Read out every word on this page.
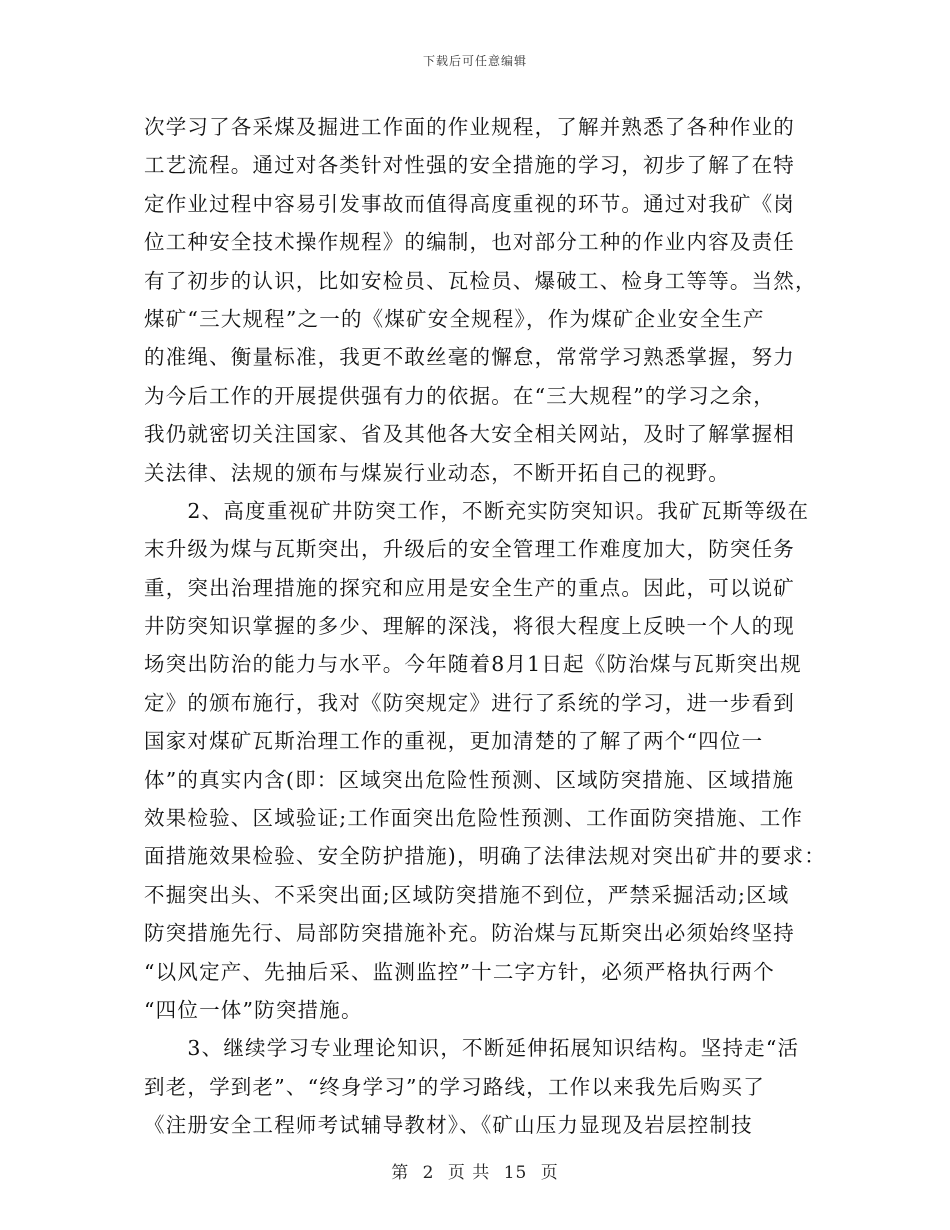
下载后可任意编辑
次学习了各采煤及掘进工作面的作业规程，了解并熟悉了各种作业的
工艺流程。通过对各类针对性强的安全措施的学习，初步了解了在特
定作业过程中容易引发事故而值得高度重视的环节。通过对我矿《岗
位工种安全技术操作规程》的编制，也对部分工种的作业内容及责任
有了初步的认识，比如安检员、瓦检员、爆破工、检身工等等。当然，
煤矿“三大规程”之一的《煤矿安全规程》，作为煤矿企业安全生产
的准绳、衡量标准，我更不敢丝毫的懈怠，常常学习熟悉掌握，努力
为今后工作的开展提供强有力的依据。在“三大规程”的学习之余，
我仍就密切关注国家、省及其他各大安全相关网站，及时了解掌握相
关法律、法规的颁布与煤炭行业动态，不断开拓自己的视野。
　　2、高度重视矿井防突工作，不断充实防突知识。我矿瓦斯等级在
末升级为煤与瓦斯突出，升级后的安全管理工作难度加大，防突任务
重，突出治理措施的探究和应用是安全生产的重点。因此，可以说矿
井防突知识掌握的多少、理解的深浅，将很大程度上反映一个人的现
场突出防治的能力与水平。今年随着8月1日起《防治煤与瓦斯突出规
定》的颁布施行，我对《防突规定》进行了系统的学习，进一步看到
国家对煤矿瓦斯治理工作的重视，更加清楚的了解了两个“四位一
体”的真实内含(即：区域突出危险性预测、区域防突措施、区域措施
效果检验、区域验证;工作面突出危险性预测、工作面防突措施、工作
面措施效果检验、安全防护措施)，明确了法律法规对突出矿井的要求：
不掘突出头、不采突出面;区域防突措施不到位，严禁采掘活动;区域
防突措施先行、局部防突措施补充。防治煤与瓦斯突出必须始终坚持
“以风定产、先抽后采、监测监控”十二字方针，必须严格执行两个
“四位一体”防突措施。
　　3、继续学习专业理论知识，不断延伸拓展知识结构。坚持走“活
到老，学到老”、“终身学习”的学习路线，工作以来我先后购买了
《注册安全工程师考试辅导教材》、《矿山压力显现及岩层控制技
第 2 页 共 15 页
